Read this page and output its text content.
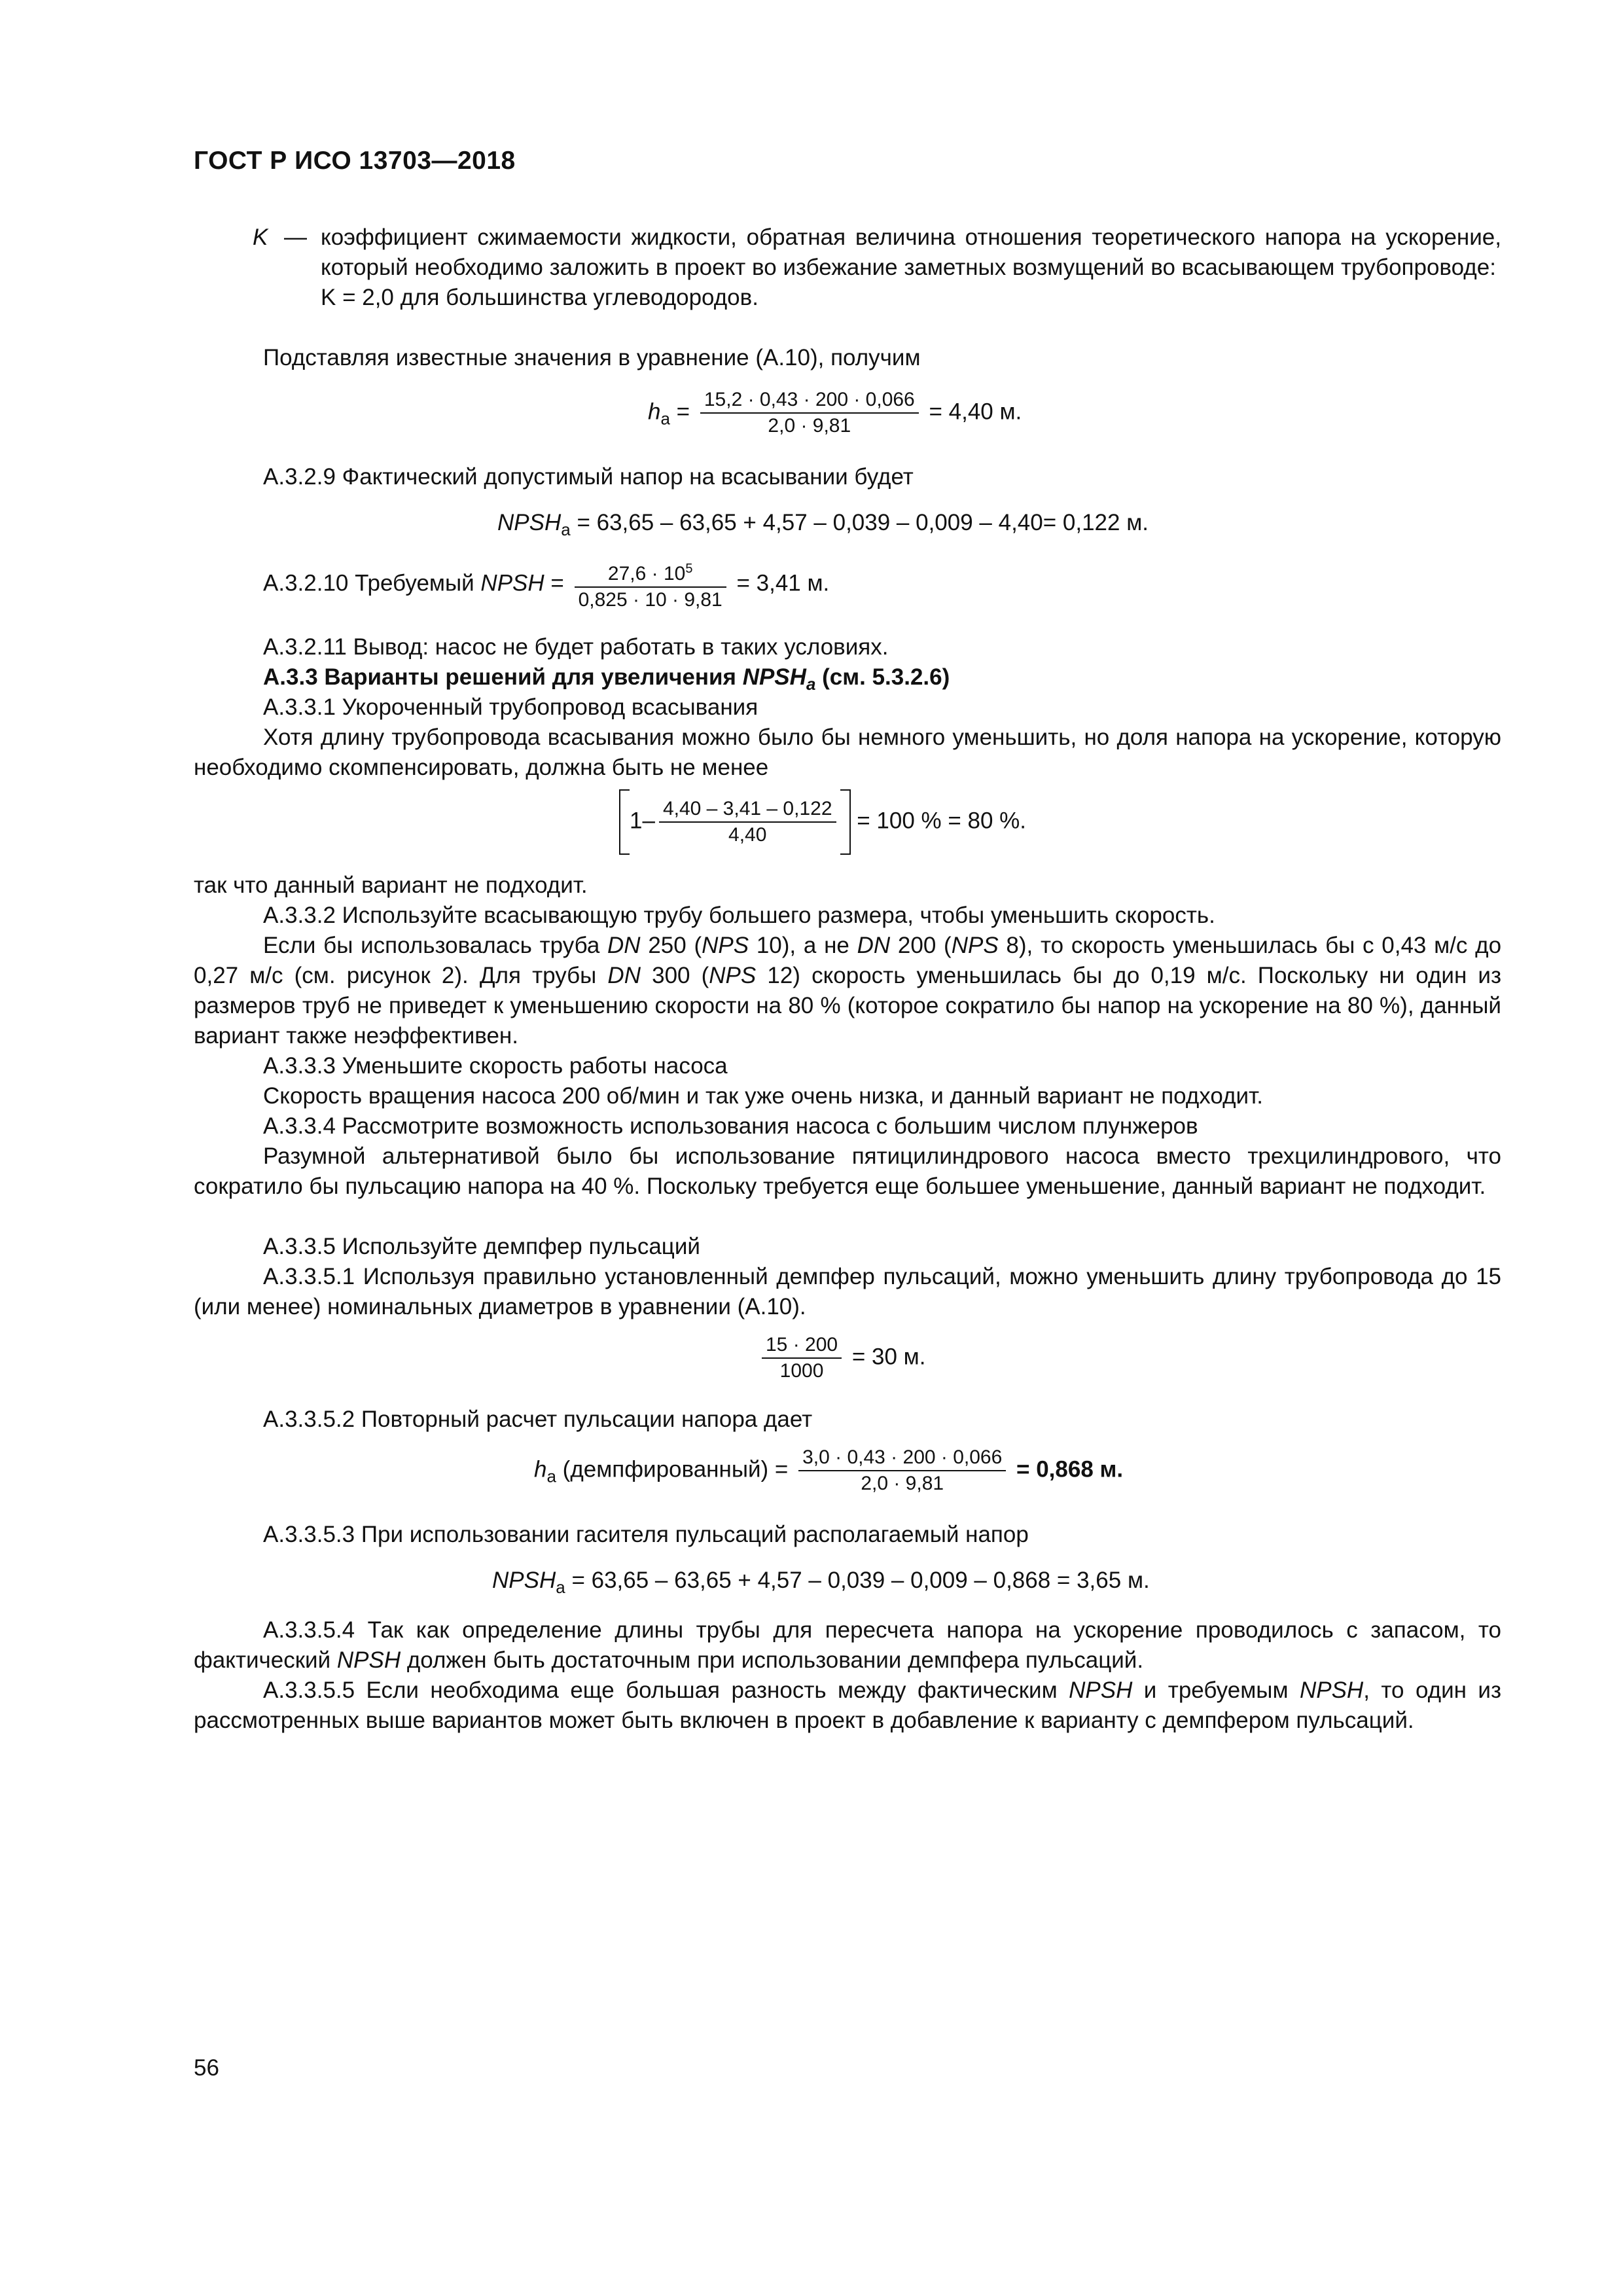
ГОСТ Р ИСО 13703—2018
K — коэффициент сжимаемости жидкости, обратная величина отношения теоретического напора на ускорение, который необходимо заложить в проект во избежание заметных возмущений во всасывающем трубопроводе:
K = 2,0 для большинства углеводородов.
Подставляя известные значения в уравнение (А.10), получим
$h_a = \frac{15,2 \cdot 0,43 \cdot 200 \cdot 0,066}{2,0 \cdot 9,81} = 4,40$ м.
А.3.2.9 Фактический допустимый напор на всасывании будет
$NPSH_a = 63,65 - 63,65 + 4,57 - 0,039 - 0,009 - 4,40= 0,122$ м.
А.3.2.10 Требуемый NPSH = $\frac{27,6 \cdot 10^5}{0,825 \cdot 10 \cdot 9,81} = 3,41$ м.
А.3.2.11 Вывод: насос не будет работать в таких условиях.
А.3.3 Варианты решений для увеличения $NPSH_a$ (см. 5.3.2.6)
А.3.3.1 Укороченный трубопровод всасывания
Хотя длину трубопровода всасывания можно было бы немного уменьшить, но доля напора на ускорение, которую необходимо скомпенсировать, должна быть не менее
$1- \frac{4,40 - 3,41 - 0,122}{4,40} = 100$ % = 80 %.
так что данный вариант не подходит.
А.3.3.2 Используйте всасывающую трубу большего размера, чтобы уменьшить скорость.
Если бы использовалась труба DN 250 (NPS 10), а не DN 200 (NPS 8), то скорость уменьшилась бы с 0,43 м/с до 0,27 м/с (см. рисунок 2). Для трубы DN 300 (NPS 12) скорость уменьшилась бы до 0,19 м/с. Поскольку ни один из размеров труб не приведет к уменьшению скорости на 80 % (которое сократило бы напор на ускорение на 80 %), данный вариант также неэффективен.
А.3.3.3 Уменьшите скорость работы насоса
Скорость вращения насоса 200 об/мин и так уже очень низка, и данный вариант не подходит.
А.3.3.4 Рассмотрите возможность использования насоса с большим числом плунжеров
Разумной альтернативой было бы использование пятицилиндрового насоса вместо трехцилиндрового, что сократило бы пульсацию напора на 40 %. Поскольку требуется еще большее уменьшение, данный вариант не подходит.
А.3.3.5 Используйте демпфер пульсаций
А.3.3.5.1 Используя правильно установленный демпфер пульсаций, можно уменьшить длину трубопровода до 15 (или менее) номинальных диаметров в уравнении (А.10).
$\frac{15 \cdot 200}{1000} = 30$ м.
А.3.3.5.2 Повторный расчет пульсации напора дает
$h_a$ (демпфированный) = $\frac{3,0 \cdot 0,43 \cdot 200 \cdot 0,066}{2,0 \cdot 9,81} = 0,868$ м.
А.3.3.5.3 При использовании гасителя пульсаций располагаемый напор
$NPSH_a = 63,65 - 63,65 + 4,57 - 0,039 - 0,009 - 0,868 = 3,65$ м.
А.3.3.5.4 Так как определение длины трубы для пересчета напора на ускорение проводилось с запасом, то фактический NPSH должен быть достаточным при использовании демпфера пульсаций.
А.3.3.5.5 Если необходима еще большая разность между фактическим NPSH и требуемым NPSH, то один из рассмотренных выше вариантов может быть включен в проект в добавление к варианту с демпфером пульсаций.
56
